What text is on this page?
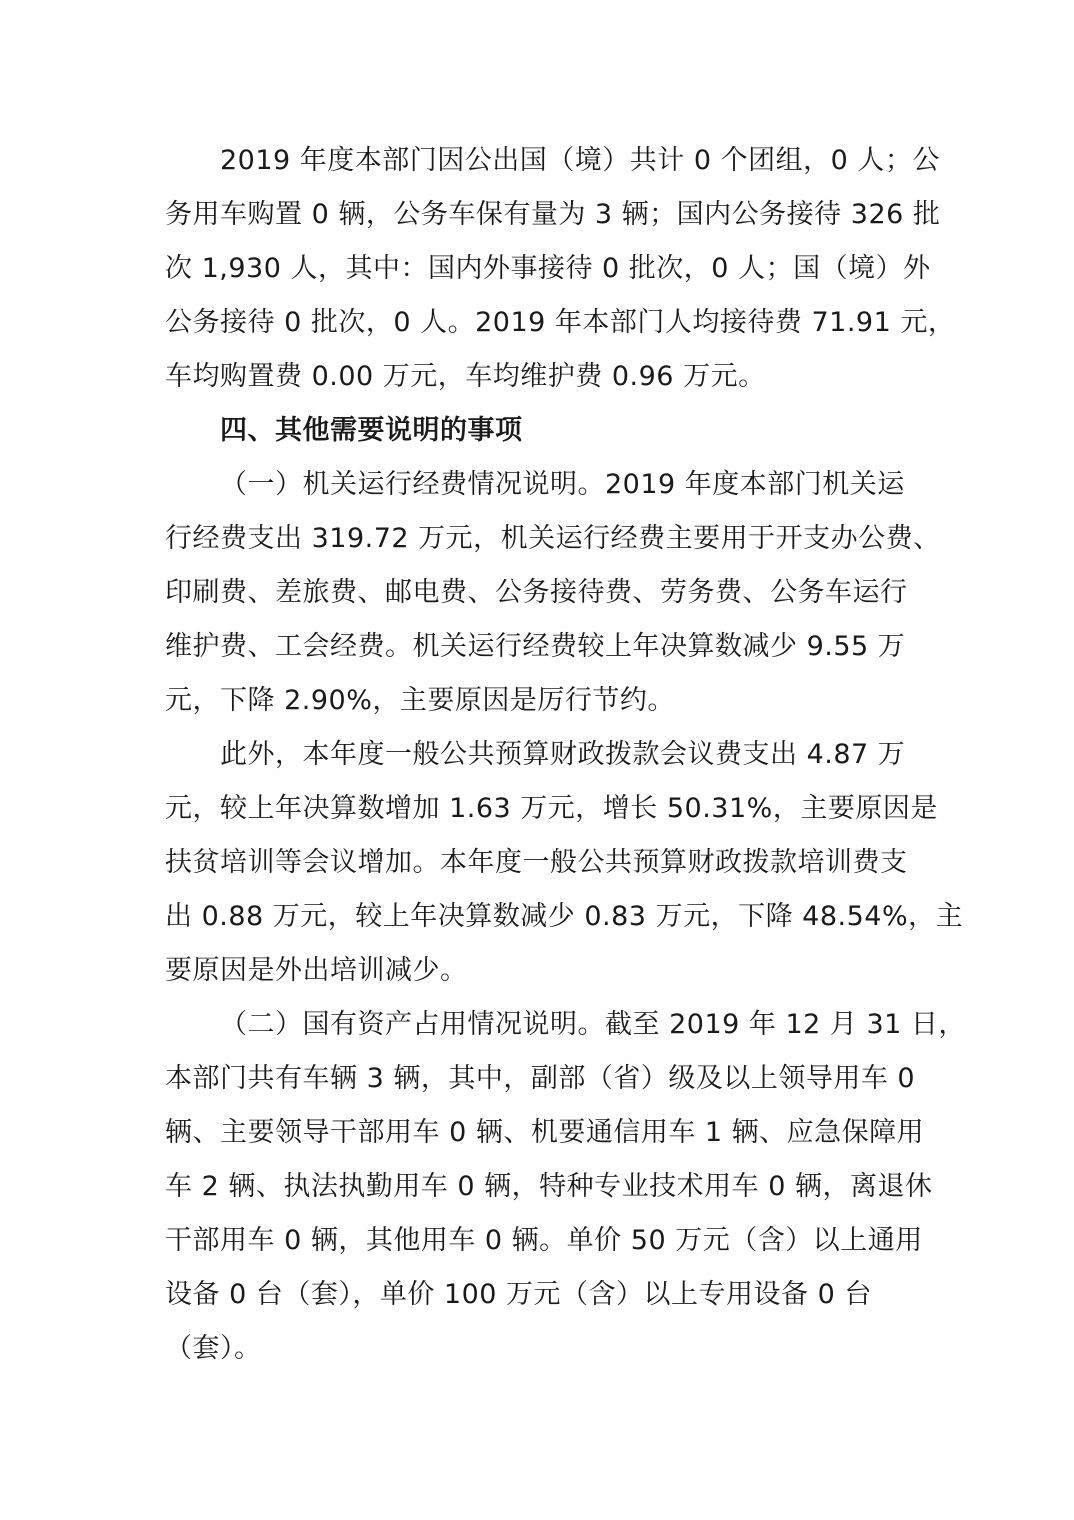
2019 年度本部门因公出国（境）共计 0 个团组，0 人；公

务用车购置 0 辆，公务车保有量为 3 辆；国内公务接待 326 批

次 1,930 人，其中：国内外事接待 0 批次，0 人；国（境）外

公务接待 0 批次，0 人。2019 年本部门人均接待费 71.91 元，

车均购置费 0.00 万元，车均维护费 0.96 万元。

四、其他需要说明的事项

（一）机关运行经费情况说明。2019 年度本部门机关运

行经费支出 319.72 万元，机关运行经费主要用于开支办公费、

印刷费、差旅费、邮电费、公务接待费、劳务费、公务车运行

维护费、工会经费。机关运行经费较上年决算数减少 9.55 万

元，下降 2.90%，主要原因是厉行节约。

此外，本年度一般公共预算财政拨款会议费支出 4.87 万

元，较上年决算数增加 1.63 万元，增长 50.31%，主要原因是

扶贫培训等会议增加。本年度一般公共预算财政拨款培训费支

出 0.88 万元，较上年决算数减少 0.83 万元，下降 48.54%，主

要原因是外出培训减少。

（二）国有资产占用情况说明。截至 2019 年 12 月 31 日，

本部门共有车辆 3 辆，其中，副部（省）级及以上领导用车 0

辆、主要领导干部用车 0 辆、机要通信用车 1 辆、应急保障用

车 2 辆、执法执勤用车 0 辆，特种专业技术用车 0 辆，离退休

干部用车 0 辆，其他用车 0 辆。单价 50 万元（含）以上通用

设备 0 台（套），单价 100 万元（含）以上专用设备 0 台

（套）。
